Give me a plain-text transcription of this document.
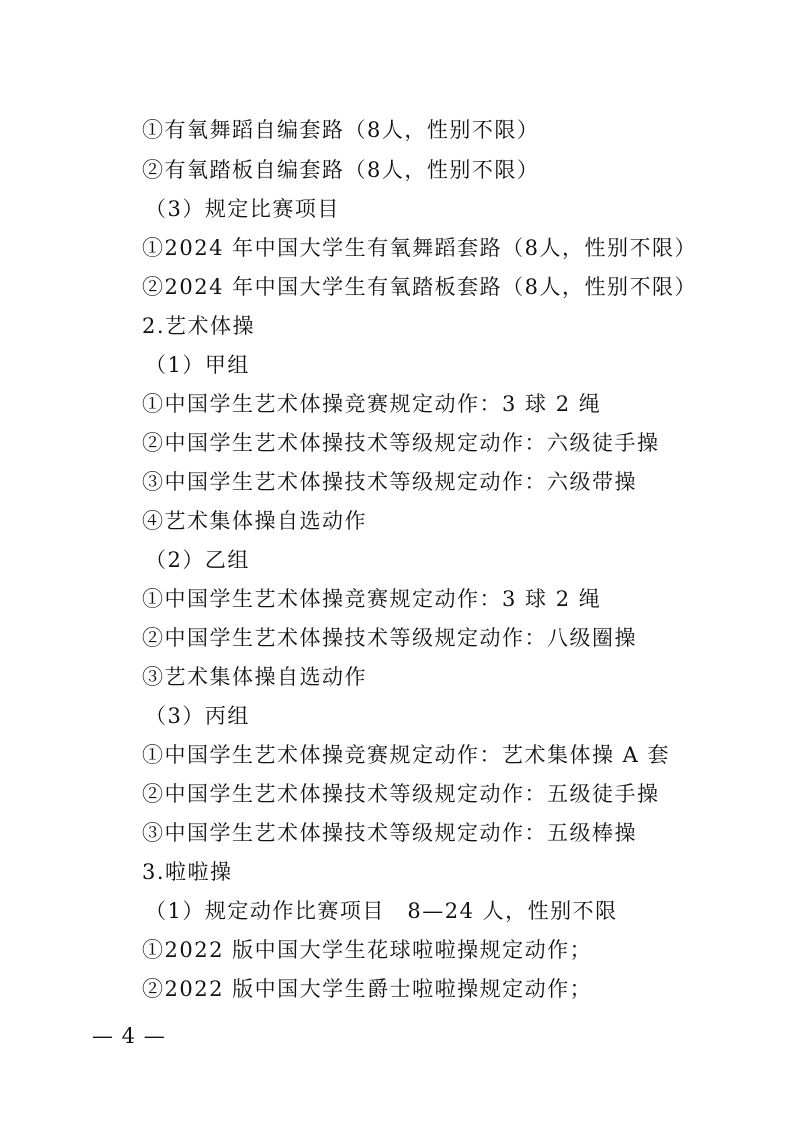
①有氧舞蹈自编套路（8人，性别不限）
②有氧踏板自编套路（8人，性别不限）
（3）规定比赛项目
①2024 年中国大学生有氧舞蹈套路（8人，性别不限）
②2024 年中国大学生有氧踏板套路（8人，性别不限）
2.艺术体操
（1）甲组
①中国学生艺术体操竞赛规定动作：3 球 2 绳
②中国学生艺术体操技术等级规定动作：六级徒手操
③中国学生艺术体操技术等级规定动作：六级带操
④艺术集体操自选动作
（2）乙组
①中国学生艺术体操竞赛规定动作：3 球 2 绳
②中国学生艺术体操技术等级规定动作：八级圈操
③艺术集体操自选动作
（3）丙组
①中国学生艺术体操竞赛规定动作：艺术集体操 A 套
②中国学生艺术体操技术等级规定动作：五级徒手操
③中国学生艺术体操技术等级规定动作：五级棒操
3.啦啦操
（1）规定动作比赛项目　8—24 人，性别不限
①2022 版中国大学生花球啦啦操规定动作；
②2022 版中国大学生爵士啦啦操规定动作；
— 4 —
